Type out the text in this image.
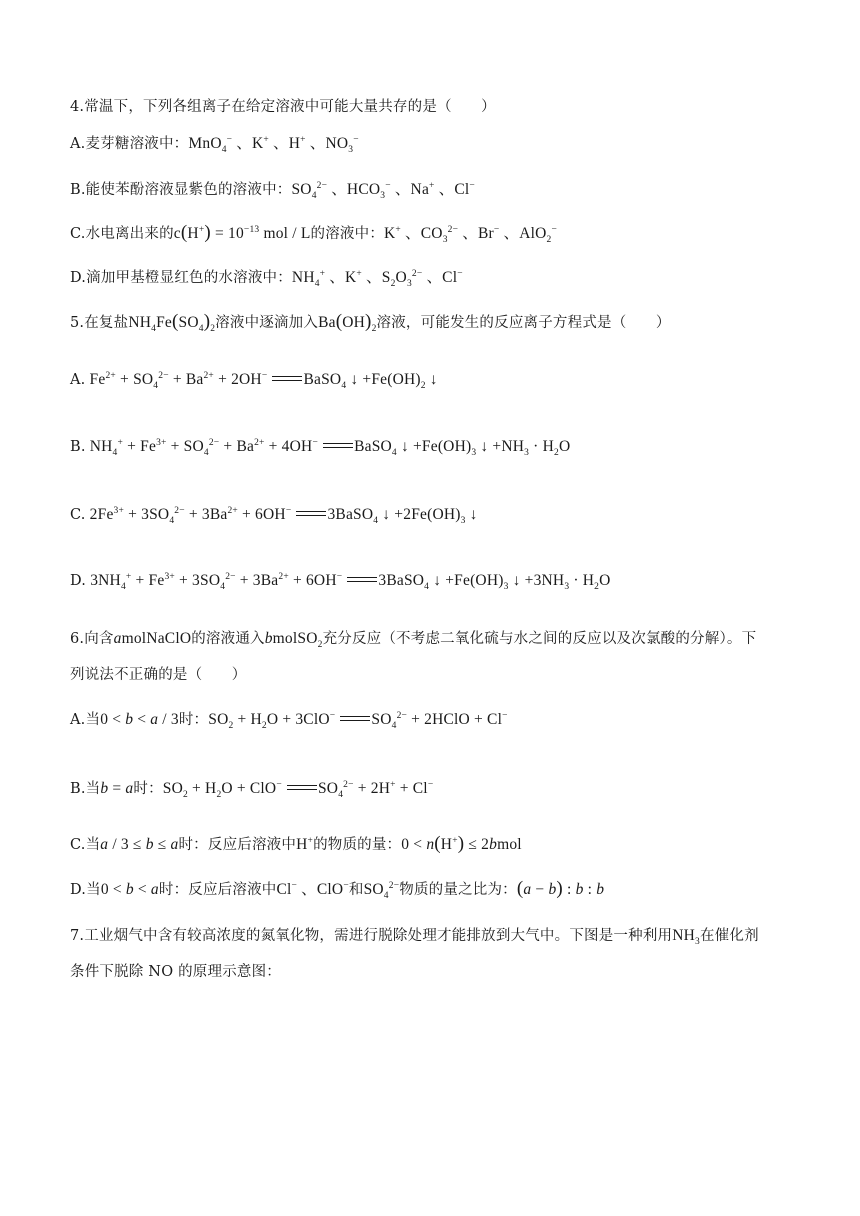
4.常温下，下列各组离子在给定溶液中可能大量共存的是（　　）
A.麦芽糖溶液中：MnO$_4$− 、K+ 、H+ 、$NO_3^-$
B.能使苯酚溶液显紫色的溶液中：$SO_4^{2-}$ 、$HCO_3^-$ 、Na+ 、Cl−
C.水电离出来的$c(H^+) = 10^{-13}$ mol / L的溶液中：K+ 、$CO_3^{2-}$ 、Br− 、AlO$_2$−
D.滴加甲基橙显红色的水溶液中：$NH_4^+$ 、K+ 、$S_2O_3^{2-}$ 、Cl−
5.在复盐$NH_4Fe(SO_4)_2$溶液中逐滴加入$Ba(OH)_2$溶液，可能发生的反应离子方程式是（　　）
A. $Fe^{2+} + SO_4^{2-} + Ba^{2+} + 2OH^-$ BaSO$_4$ ↓ $+Fe(OH)_2$ ↓
B. $NH_4^+ + Fe^{3+} + SO_4^{2-} + Ba^{2+} + 4OH^-$ BaSO$_4$ ↓ $+Fe(OH)_3$ ↓ $+NH_3 \cdot H_2O$
C. $2Fe^{3+} + 3SO_4^{2-} + 3Ba^{2+} + 6OH^-$ 3BaSO$_4$ ↓ $+2Fe(OH)_3$ ↓
D. $3NH_4^+ + Fe^{3+} + 3SO_4^{2-} + 3Ba^{2+} + 6OH^-$ 3BaSO$_4$ ↓ $+Fe(OH)_3$ ↓ $+3NH_3 \cdot H_2O$
6.向含amolNaClO的溶液通入bmolSO$_2$充分反应（不考虑二氧化硫与水之间的反应以及次氯酸的分解）。下
列说法不正确的是（　　）
A.当0 < b < a / 3时：$SO_2 + H_2O + 3ClO^-$ $SO_4^{2-}$ + 2HClO + Cl−
B.当b = a时：$SO_2 + H_2O + ClO^-$ $SO_4^{2-} + 2H^+ + Cl^-$
C.当a / 3 ≤ b ≤ a时：反应后溶液中H+的物质的量：0 < n(H+) ≤ 2bmol
D.当0 < b < a时：反应后溶液中Cl− 、ClO−和$SO_4^{2-}$物质的量之比为：(a − b) : b : b
7.工业烟气中含有较高浓度的氮氧化物，需进行脱除处理才能排放到大气中。下图是一种利用$NH_3$在催化剂
条件下脱除 NO 的原理示意图：
